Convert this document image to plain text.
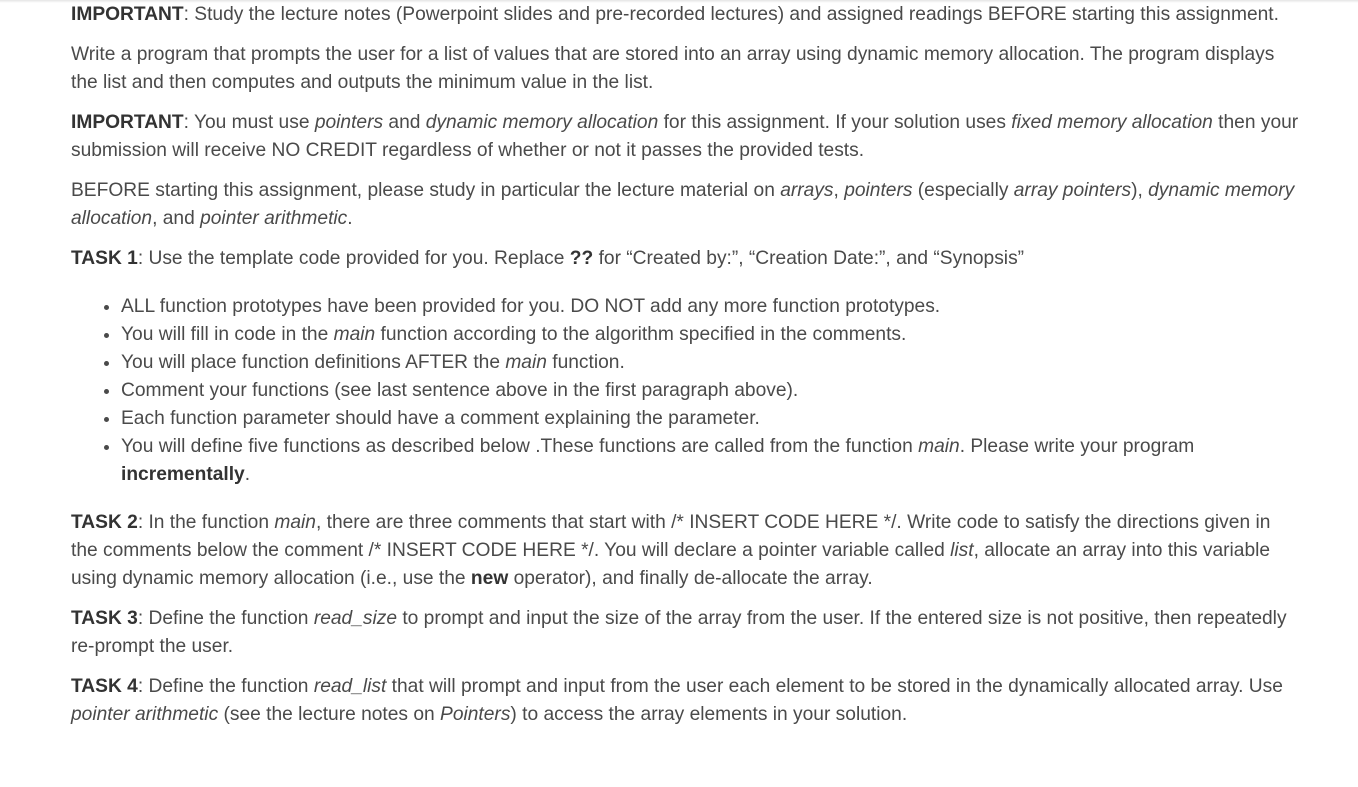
IMPORTANT: Study the lecture notes (Powerpoint slides and pre-recorded lectures) and assigned readings BEFORE starting this assignment.

Write a program that prompts the user for a list of values that are stored into an array using dynamic memory allocation. The program displays the list and then computes and outputs the minimum value in the list.

IMPORTANT: You must use pointers and dynamic memory allocation for this assignment. If your solution uses fixed memory allocation then your submission will receive NO CREDIT regardless of whether or not it passes the provided tests.

BEFORE starting this assignment, please study in particular the lecture material on arrays, pointers (especially array pointers), dynamic memory allocation, and pointer arithmetic.

TASK 1: Use the template code provided for you. Replace ?? for “Created by:”, “Creation Date:”, and “Synopsis”

• ALL function prototypes have been provided for you. DO NOT add any more function prototypes.
• You will fill in code in the main function according to the algorithm specified in the comments.
• You will place function definitions AFTER the main function.
• Comment your functions (see last sentence above in the first paragraph above).
• Each function parameter should have a comment explaining the parameter.
• You will define five functions as described below .These functions are called from the function main. Please write your program incrementally.

TASK 2: In the function main, there are three comments that start with /* INSERT CODE HERE */. Write code to satisfy the directions given in the comments below the comment /* INSERT CODE HERE */. You will declare a pointer variable called list, allocate an array into this variable using dynamic memory allocation (i.e., use the new operator), and finally de-allocate the array.

TASK 3: Define the function read_size to prompt and input the size of the array from the user. If the entered size is not positive, then repeatedly re-prompt the user.

TASK 4: Define the function read_list that will prompt and input from the user each element to be stored in the dynamically allocated array. Use pointer arithmetic (see the lecture notes on Pointers) to access the array elements in your solution.
